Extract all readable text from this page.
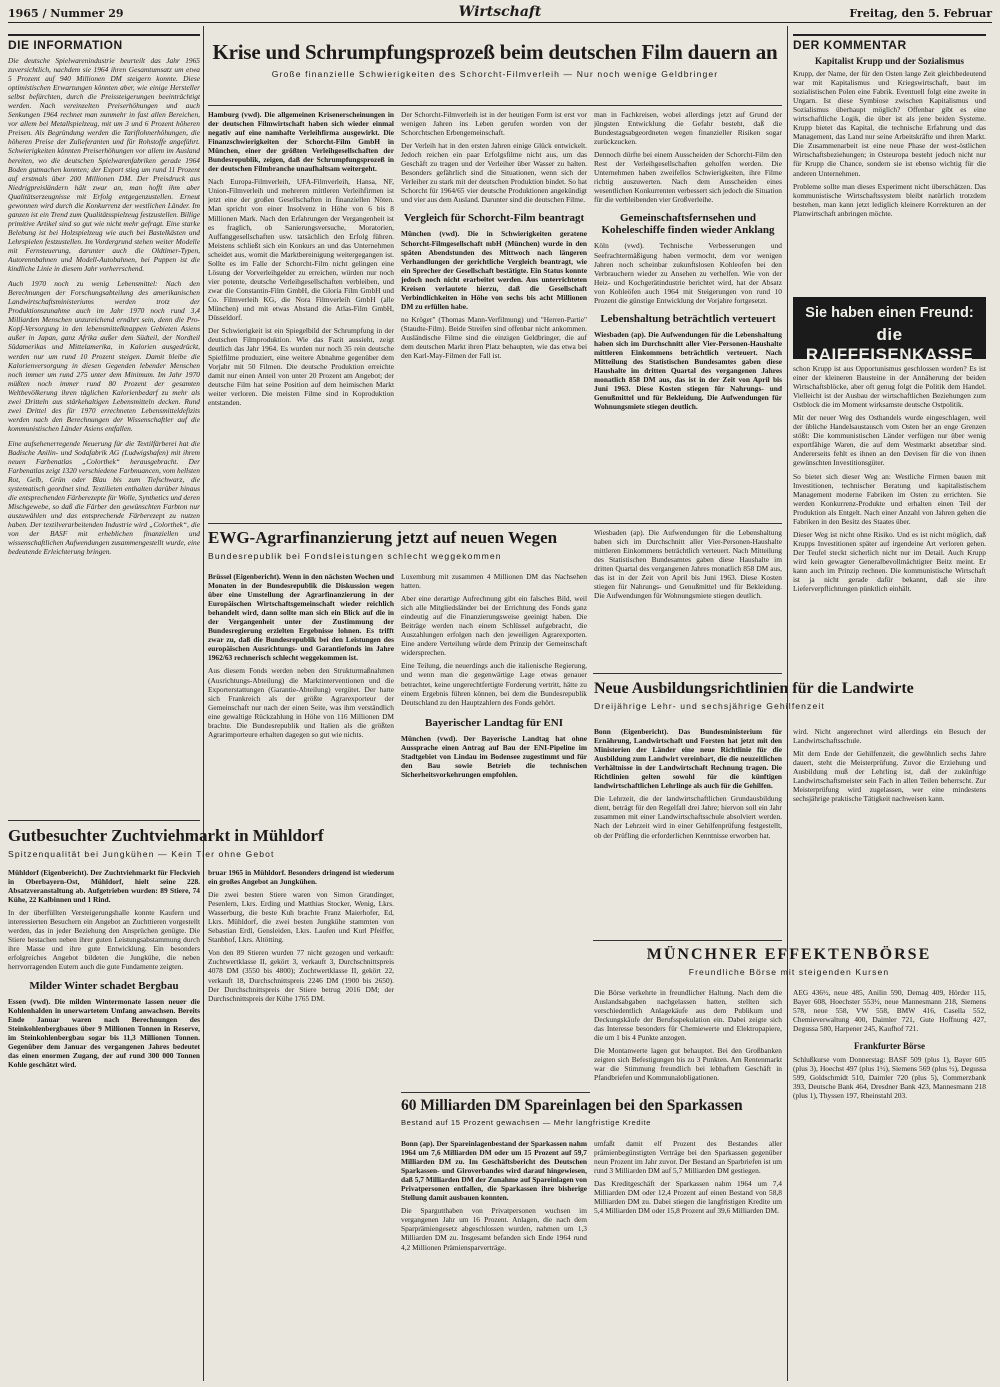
1965 / Nummer 29	Wirtschaft	Freitag, den 5. Februar
DIE INFORMATION

Die deutsche Spielwarenindustrie beurteilt das Jahr 1965 zuversichtlich, nachdem sie 1964 ihren Gesamtumsatz um etwa 5 Prozent auf 940 Millionen DM steigern konnte. Diese optimistischen Erwartungen könnten aber, wie einige Hersteller selbst befürchten, durch die Preissteigerungen beeinträchtigt werden. Nach vereinzelten Preiserhöhungen und auch Senkungen 1964 rechnet man nunmehr in fast allen Bereichen, vor allem bei Metallspielzeug, mit um 3 und 6 Prozent höheren Preisen. Als Begründung werden die Tariflohnerhöhungen, die höheren Preise der Zulieferanten und für Rohstoffe angeführt. Schwierigkeiten könnten Preiserhöhungen vor allem im Ausland bereiten, wo die deutschen Spielwarenfabriken gerade 1964 Boden gutmachen konnten; der Export stieg um rund 11 Prozent auf erstmals über 200 Millionen DM. Der Preisdruck aus Niedrigpreisländern hält zwar an, man hofft ihm aber Qualitätserzeugnisse mit Erfolg entgegenzustellen. Erneut gewonnen wird durch die Konkurrenz der westlichen Länder. Im ganzen ist ein Trend zum Qualitätsspielzeug festzustellen. Billige primitive Artikel sind so gut wie nicht mehr gefragt. Eine starke Belebung ist bei Holzspielzeug wie auch bei Bastelkästen und Lehrspielen festzustellen. Im Vordergrund stehen weiter Modelle mit Fernsteuerung, darunter auch die Oldtimer-Typen, Autorennbahnen und Modell-Autobahnen, bei Puppen ist die kindliche Linie in diesem Jahr vorherrschend.

Auch 1970 noch zu wenig Lebensmittel: Nach den Berechnungen der Forschungsabteilung des amerikanischen Landwirtschaftsministeriums werden trotz der Produktionszunahme auch im Jahr 1970 noch rund 3,4 Milliarden Menschen unzureichend ernährt sein, denn die Pro-Kopf-Versorgung in den lebensmittelknappen Gebieten Asiens außer in Japan, ganz Afrika außer dem Südteil, der Nordteil Südamerikas und Mittelamerika, in Kalorien ausgedrückt, werden nur um rund 10 Prozent steigen. Damit bleibe die Kalorienversorgung in diesen Gegenden lebender Menschen noch immer um rund 275 unter dem Minimum. Im Jahr 1970 müßten noch immer rund 80 Prozent der gesamten Weltbevölkerung ihren täglichen Kalorienbedarf zu mehr als zwei Dritteln aus stärkehaltigen Lebensmitteln decken. Rund zwei Drittel des für 1970 errechneten Lebensmitteldefizits werden nach den Berechnungen der Wissenschaftler auf die kommunistischen Länder Asiens entfallen.

Eine aufsehenerregende Neuerung für die Textilfärberei hat die Badische Anilin- und Sodafabrik AG (Ludwigshafen) mit ihrem neuen Farbenatlas „Colorthek“ herausgebracht. Der Farbenatlas zeigt 1320 verschiedene Farbnuancen, vom hellsten Rot, Gelb, Grün oder Blau bis zum Tiefschwarz, die systematisch geordnet sind. Textilieten enthalten darüber hinaus die entsprechenden Färberezepte für Wolle, Synthetics und deren Mischgewebe, so daß die Färber den gewünschten Farbton nur auszuwählen und das entsprechende Färberezept zu nutzen haben. Der textilverarbeitenden Industrie wird „Colorthek“, die von der BASF mit erheblichen finanziellen und wissenschaftlichen Aufwendungen zusammengestellt wurde, eine bedeutende Erleichterung bringen.

Krise und Schrumpfungsprozeß beim deutschen Film dauern an
Große finanzielle Schwierigkeiten des Schorcht-Filmverleih — Nur noch wenige Geldbringer

Hamburg (vwd). Die allgemeinen Krisenerscheinungen in der deutschen Filmwirtschaft haben sich wieder einmal negativ auf eine namhafte Verleihfirma ausgewirkt. Die Finanzschwierigkeiten der Schorcht-Film GmbH in München, einer der größten Verleihgesellschaften der Bundesrepublik, zeigen, daß der Schrumpfungsprozeß in der deutschen Filmbranche unaufhaltsam weitergeht.

Nach Europa-Filmverleih, UFA-Filmverleih, Hansa, NF, Union-Filmverleih und mehreren mittleren Verleihfirmen ist jetzt eine der großen Gesellschaften in finanziellen Nöten. Man spricht von einer Insolvenz in Höhe von 6 bis 8 Millionen Mark. Nach den Erfahrungen der Vergangenheit ist es fraglich, ob Sanierungsversuche, Moratorien, Auffanggesellschaften usw. tatsächlich den Erfolg führen. Meistens schließt sich ein Konkurs an und das Unternehmen scheidet aus, womit die Marktbereinigung weitergegangen ist. Sollte es im Falle der Schorcht-Film nicht gelingen eine Lösung der Vorverleihgelder zu erreichen, würden nur noch vier potente, deutsche Verleihgesellschaften verbleiben, und zwar die Constantin-Film GmbH, die Gloria Film GmbH und Co. Filmverleih KG, die Nora Filmverleih GmbH (alle München) und mit etwas Abstand die Atlas-Film GmbH, Düsseldorf.

Der Schwierigkeit ist ein Spiegelbild der Schrumpfung in der deutschen Filmproduktion. Wie das Fazit aussieht, zeigt deutlich das Jahr 1964. Es wurden nur noch 35 rein deutsche Spielfilme produziert, eine weitere Abnahme gegenüber dem Vorjahr mit 50 Filmen. Die deutsche Produktion erreichte damit nur einen Anteil von unter 20 Prozent am Angebot; der deutsche Film hat seine Position auf dem heimischen Markt weiter verloren. Die meisten Filme sind in Koproduktion entstanden.

Der Schorcht-Filmverleih ist in der heutigen Form ist erst vor wenigen Jahren ins Leben gerufen worden von der Schorchtschen Erbengemeinschaft.

Der Verleih hat in den ersten Jahren einige Glück entwickelt. Jedoch reichen ein paar Erfolgsfilme nicht aus, um das Geschäft zu tragen und der Verleiher über Wasser zu halten. Besonders gefährlich sind die Situationen, wenn sich der Verleiher zu stark mit der deutschen Produktion bindet. So hat Schorcht für 1964/65 vier deutsche Produktionen angekündigt und vier aus dem Ausland. Darunter sind die deutschen Filme.

Vergleich für Schorcht-Film beantragt

München (vwd). Die in Schwierigkeiten geratene Schorcht-Filmgesellschaft mbH (München) wurde in den späten Abendstunden des Mittwoch nach längeren Verhandlungen der gerichtliche Vergleich beantragt, wie ein Sprecher der Gesellschaft bestätigte. Ein Status konnte jedoch noch nicht erarbeitet werden. Aus unterrichteten Kreisen verlautete hierzu, daß die Gesellschaft Verbindlichkeiten in Höhe von sechs bis acht Millionen DM zu erfüllen habe.

no Kröger" (Thomas Mann-Verfilmung) und "Herren-Partie" (Staudte-Film). Beide Streifen sind offenbar nicht ankommen. Ausländische Filme sind die einzigen Geldbringer, die auf dem deutschen Markt ihren Platz behaupten, wie das etwa bei den Karl-May-Filmen der Fall ist.

man in Fachkreisen, wobei allerdings jetzt auf Grund der jüngsten Entwicklung die Gefahr besteht, daß die Bundestagsabgeordneten wegen finanzieller Risiken sogar zurückzucken.

Dennoch dürfte bei einem Ausscheiden der Schorcht-Film den Rest der Verleihgesellschaften geholfen werden. Die Unternehmen haben zweifellos Schwierigkeiten, ihre Filme richtig auszuwerten. Nach dem Ausscheiden eines wesentlichen Konkurrenten verbessert sich jedoch die Situation für die verbleibenden vier Großverleihe.

Gemeinschaftsfernsehen und Koheleschiffe finden wieder Anklang

Köln (vwd). Technische Verbesserungen und Seefrachtermäßigung haben vermocht, dem vor wenigen Jahren noch scheinbar zukunftslosen Kohleofen bei den Verbrauchern wieder zu Ansehen zu verhelfen. Wie von der Heiz- und Kochgerätindustrie berichtet wird, hat der Absatz von Kohleöfen auch 1964 mit Steigerungen von rund 10 Prozent die günstige Entwicklung der Vorjahre fortgesetzt.

Lebenshaltung beträchtlich verteuert

Wiesbaden (ap). Die Aufwendungen für die Lebenshaltung haben sich im Durchschnitt aller Vier-Personen-Haushalte mittleren Einkommens beträchtlich verteuert. Nach Mitteilung des Statistischen Bundesamtes gaben diese Haushalte im dritten Quartal des vergangenen Jahres monatlich 858 DM aus, das ist in der Zeit von April bis Juni 1963. Diese Kosten stiegen für Nahrungs- und Genußmittel und für Bekleidung. Die Aufwendungen für Wohnungsmiete stiegen deutlich.

EWG-Agrarfinanzierung jetzt auf neuen Wegen
Bundesrepublik bei Fondsleistungen schlecht weggekommen

Brüssel (Eigenbericht). Wenn in den nächsten Wochen und Monaten in der Bundesrepublik die Diskussion wegen über eine Umstellung der Agrarfinanzierung in der Europäischen Wirtschaftsgemeinschaft wieder reichlich behandelt wird, dann sollte man sich ein Blick auf die in der Vergangenheit unter der Zustimmung der Bundesregierung erzielten Ergebnisse lohnen. Es trifft zwar zu, daß die Bundesrepublik bei den Leistungen des europäischen Ausrichtungs- und Garantiefonds im Jahre 1962/63 rechnerisch schlecht weggekommen ist.

Aus diesem Fonds werden neben den Strukturmaßnahmen (Ausrichtungs-Abteilung) die Marktinterventionen und die Exporterstattungen (Garantie-Abteilung) vergütet. Der hatte sich Frankreich als der größte Agrarexporteur der Gemeinschaft nur nach der einen Seite, was ihm verständlich eine gewaltige Rückzahlung in Höhe von 116 Millionen DM brachte. Die Bundesrepublik und Italien als die größten Agrarimporteure erhalten dagegen so gut wie nichts.

Luxemburg mit zusammen 4 Millionen DM das Nachsehen hatten.

Aber eine derartige Aufrechnung gibt ein falsches Bild, weil sich alle Mitgliedsländer bei der Errichtung des Fonds ganz eindeutig auf die Finanzierungsweise geeinigt haben. Die Beiträge werden nach einem Schlüssel aufgebracht, die Auszahlungen erfolgen nach den jeweiligen Agrarexporten. Eine andere Verteilung würde dem Prinzip der Gemeinschaft widersprechen.

Eine Teilung, die neuerdings auch die italienische Regierung, und wenn man die gegenwärtige Lage etwas genauer betrachtet, keine ungerechtfertigte Forderung vertritt, hätte zu einem Ergebnis führen können, bei dem die Bundesrepublik Deutschland zu den Hauptzahlern des Fonds gehört.

Bayerischer Landtag für ENI

München (vwd). Der Bayerische Landtag hat ohne Aussprache einen Antrag auf Bau der ENI-Pipeline im Stadtgebiet von Lindau im Bodensee zugestimmt und für den Bau sowie Betrieb die technischen Sicherheitsvorkehrungen empfohlen.

Wiesbaden (ap). Die Aufwendungen für die Lebenshaltung haben sich im Durchschnitt aller Vier-Personen-Haushalte mittleren Einkommens beträchtlich verteuert. Nach Mitteilung des Statistischen Bundesamtes gaben diese Haushalte im dritten Quartal des vergangenen Jahres monatlich 858 DM aus, das ist in der Zeit von April bis Juni 1963. Diese Kosten stiegen für Nahrungs- und Genußmittel und für Bekleidung. Die Aufwendungen für Wohnungsmiete stiegen deutlich.

Neue Ausbildungsrichtlinien für die Landwirte
Dreijährige Lehr- und sechsjährige Gehilfenzeit

Bonn (Eigenbericht). Das Bundesministerium für Ernährung, Landwirtschaft und Forsten hat jetzt mit den Ministerien der Länder eine neue Richtlinie für die Ausbildung zum Landwirt vereinbart, die die neuzeitlichen Verhältnisse in der Landwirtschaft Rechnung tragen. Die Richtlinien gelten sowohl für die künftigen landwirtschaftlichen Lehrlinge als auch für die Gehilfen.

Die Lehrzeit, die der landwirtschaftlichen Grundausbildung dient, beträgt für den Regelfall drei Jahre; hiervon soll ein Jahr zusammen mit einer Landwirtschaftsschule absolviert werden. Nach der Lehrzeit wird in einer Gehilfenprüfung festgestellt, ob der Prüfling die erforderlichen Kenntnisse erworben hat.

Gutbesuchter Zuchtviehmarkt in Mühldorf
Spitzenqualität bei Jungkühen — Kein Tier ohne Gebot

Mühldorf (Eigenbericht). Der Zuchtviehmarkt für Fleckvieh in Oberbayern-Ost, Mühldorf, hielt seine 228. Absatzveranstaltung ab. Aufgetrieben wurden: 89 Stiere, 74 Kühe, 22 Kalbinnen und 1 Rind.

In der überfüllten Versteigerungshalle konnte Kaufern und interessierten Besuchern ein Angebot an Zuchttieren vorgestellt werden, das in jeder Beziehung den Ansprüchen genügte. Die Stiere bestachen neben ihrer guten Leistungsabstammung durch ihre Masse und ihre gute Entwicklung. Ein besonders erfolgreiches Angebot bildeten die Jungkühe, die neben herrvorragenden Eutern auch die gute Fundamente zeigten.

Milder Winter schadet Bergbau

Essen (vwd). Die milden Wintermonate lassen neuer die Kohlenhalden in unerwartetem Umfang anwachsen. Bereits Ende Januar waren nach Berechnungen des Steinkohlenbergbaues über 9 Millionen Tonnen in Reserve, im Steinkohlenbergbau sogar bis 11,3 Millionen Tonnen. Gegenüber dem Januar des vergangenen Jahres bedeutet das einen enormen Zugang, der auf rund 300 000 Tonnen Kohle geschätzt wird.

bruar 1965 in Mühldorf. Besonders dringend ist wiederum ein großes Angebot an Jungkühen.

Die zwei besten Stiere waren von Simon Grandinger, Pesenlern, Lkrs. Erding und Matthias Stocker, Wenig, Lkrs. Wasserburg, die beste Kuh brachte Franz Maierhofer, Ed, Lkrs. Mühldorf, die zwei besten Jungkühe stammten von Sebastian Erdl, Gensleiden, Lkrs. Laufen und Kurl Pfeiffer, Stanbhof, Lkrs. Altötting.

Von den 89 Stieren wurden 77 nicht gezogen und verkauft: Zuchtwertklasse II, gekört 3, verkauft 3, Durchschnittspreis 4078 DM (3550 bis 4800); Zuchtwertklasse II, gekört 22, verkauft 18, Durchschnittspreis 2246 DM (1900 bis 2650). Der Durchschnittspreis der Stiere betrug 2016 DM; der Durchschnittspreis der Kühe 1765 DM.

60 Milliarden DM Spareinlagen bei den Sparkassen
Bestand auf 15 Prozent gewachsen — Mehr langfristige Kredite

Bonn (ap). Der Spareinlagenbestand der Sparkassen nahm 1964 um 7,6 Milliarden DM oder um 15 Prozent auf 59,7 Milliarden DM zu. Im Geschäftsbericht des Deutschen Sparkassen- und Giroverbandes wird darauf hingewiesen, daß 5,7 Milliarden DM der Zunahme auf Spareinlagen von Privatpersonen entfallen, die Sparkassen ihre bisherige Stellung damit ausbauen konnten.

Die Spargutthaben von Privatpersonen wuchsen im vergangenen Jahr um 16 Prozent. Anlagen, die nach dem Sparprämiengesetz abgeschlossen wurden, nahmen um 1,3 Milliarden DM zu. Insgesamt befanden sich Ende 1964 rund 4,2 Millionen Prämiensparverträge.

umfaßt damit elf Prozent des Bestandes aller prämienbegünstigten Verträge bei den Sparkassen gegenüber neun Prozent im Jahr zuvor. Der Bestand an Sparbriefen ist um rund 3 Milliarden DM auf 5,7 Milliarden DM gestiegen.

Das Kreditgeschäft der Sparkassen nahm 1964 um 7,4 Milliarden DM oder 12,4 Prozent auf einen Bestand von 58,8 Milliarden DM zu. Dabei stiegen die langfristigen Kredite um 5,4 Milliarden DM oder 15,8 Prozent auf 39,6 Milliarden DM.

MÜNCHNER EFFEKTENBÖRSE
Freundliche Börse mit steigenden Kursen

Die Börse verkehrte in freundlicher Haltung. Nach dem die Auslandsabgaben nachgelassen hatten, stellten sich verschiedentlich Anlagekäufe aus dem Publikum und Deckungskäufe der Berufsspekulation ein. Dabei zeigte sich das Interesse besonders für Chemiewerte und Elektropapiere, die um 1 bis 4 Punkte anzogen.

Die Montanwerte lagen gut behauptet. Bei den Großbanken zeigten sich Befestigungen bis zu 3 Punkten. Am Rentenmarkt war die Stimmung freundlich bei lebhaftem Geschäft in Pfandbriefen und Kommunalobligationen.

AEG 436½, neue 485, Anilin 590, Demag 409, Hörder 115, Bayer 608, Hoechster 553½, neue Mannesmann 218, Siemens 578, neue 558, VW 558, BMW 416, Casella 552, Chemieverwaltung 400, Daimler 721, Gute Hoffnung 427, Degussa 580, Harpener 245, Kaufhof 721.

Frankfurter Börse

Schlußkurse vom Donnerstag: BASF 509 (plus 1), Bayer 605 (plus 3), Hoechst 497 (plus 1½), Siemens 569 (plus ½), Degussa 599, Goldschmidt 510, Daimler 720 (plus 5), Commerzbank 393, Deutsche Bank 464, Dresdner Bank 423, Mannesmann 218 (plus 1), Thyssen 197, Rheinstahl 203.

DER KOMMENTAR
Kapitalist Krupp und der Sozialismus

Krupp, der Name, der für den Osten lange Zeit gleichbedeutend war mit Kapitalismus und Kriegswirtschaft, baut im sozialistischen Polen eine Fabrik. Eventuell folgt eine zweite in Ungarn. Ist diese Symbiose zwischen Kapitalismus und Sozialismus überhaupt möglich? Offenbar gibt es eine wirtschaftliche Logik, die über ist als jene beiden Systeme. Krupp bietet das Kapital, die technische Erfahrung und das Management, das Land nur seine Arbeitskräfte und ihren Markt. Die Zusammenarbeit ist eine neue Phase der west-östlichen Wirtschaftsbeziehungen; in Osteuropa besteht jedoch nicht nur für Krupp die Chance, sondern sie ist ebenso wichtig für die anderen Unternehmen.

Probleme sollte man dieses Experiment nicht überschätzen. Das kommunistische Wirtschaftssystem bleibt natürlich trotzdem bestehen, man kann jetzt lediglich kleinere Korrekturen an der Planwirtschaft anbringen möchte.

Sie haben einen Freund:
die RAIFFEISENKASSE

schon Krupp ist aus Opportunismus geschlossen worden? Es ist einer der kleineren Bausteine in der Annäherung der beiden Wirtschaftsblöcke, aber oft genug folgt die Politik dem Handel. Vielleicht ist der Ausbau der wirtschaftlichen Beziehungen zum Ostblock die im Moment wirksamste deutsche Ostpolitik.

Mit der neuer Weg des Osthandels wurde eingeschlagen, weil der übliche Handelsaustausch vom Osten her an enge Grenzen stößt: Die kommunistischen Länder verfügen nur über wenig exportfähige Waren, die auf dem Westmarkt absetzbar sind. Andererseits fehlt es ihnen an den Devisen für die von ihnen gewünschten Investitionsgüter.

So bietet sich dieser Weg an: Westliche Firmen bauen mit Investitionen, technischer Beratung und kapitalistischem Management moderne Fabriken im Osten zu errichten. Sie werden Konkurrenz-Produkte und erhalten einen Teil der Produktion als Entgelt. Nach einer Anzahl von Jahren gehen die Fabriken in den Besitz des Staates über.

Dieser Weg ist nicht ohne Risiko. Und es ist nicht möglich, daß Krupps Investitionen später auf irgendeine Art verloren gehen. Der Teufel steckt sicherlich nicht nur im Detail. Auch Krupp wird kein gewagter Generalbevollmächtigter Beitz meint. Er kann auch im Prinzip rechnen. Die kommunistische Wirtschaft ist ja nicht gerade dafür bekannt, daß sie ihre Lieferverpflichtungen pünktlich einhält.

wird. Nicht angerechnet wird allerdings ein Besuch der Landwirtschaftsschule.

Mit dem Ende der Gehilfenzeit, die gewöhnlich sechs Jahre dauert, steht die Meisterprüfung. Zuvor die Erziehung und Ausbildung muß der Lehrling ist, daß der zukünftige Landwirtschaftsmeister sein Fach in allen Teilen beherrscht. Zur Meisterprüfung wird zugelassen, wer eine mindestens sechsjährige praktische Tätigkeit nachweisen kann.
